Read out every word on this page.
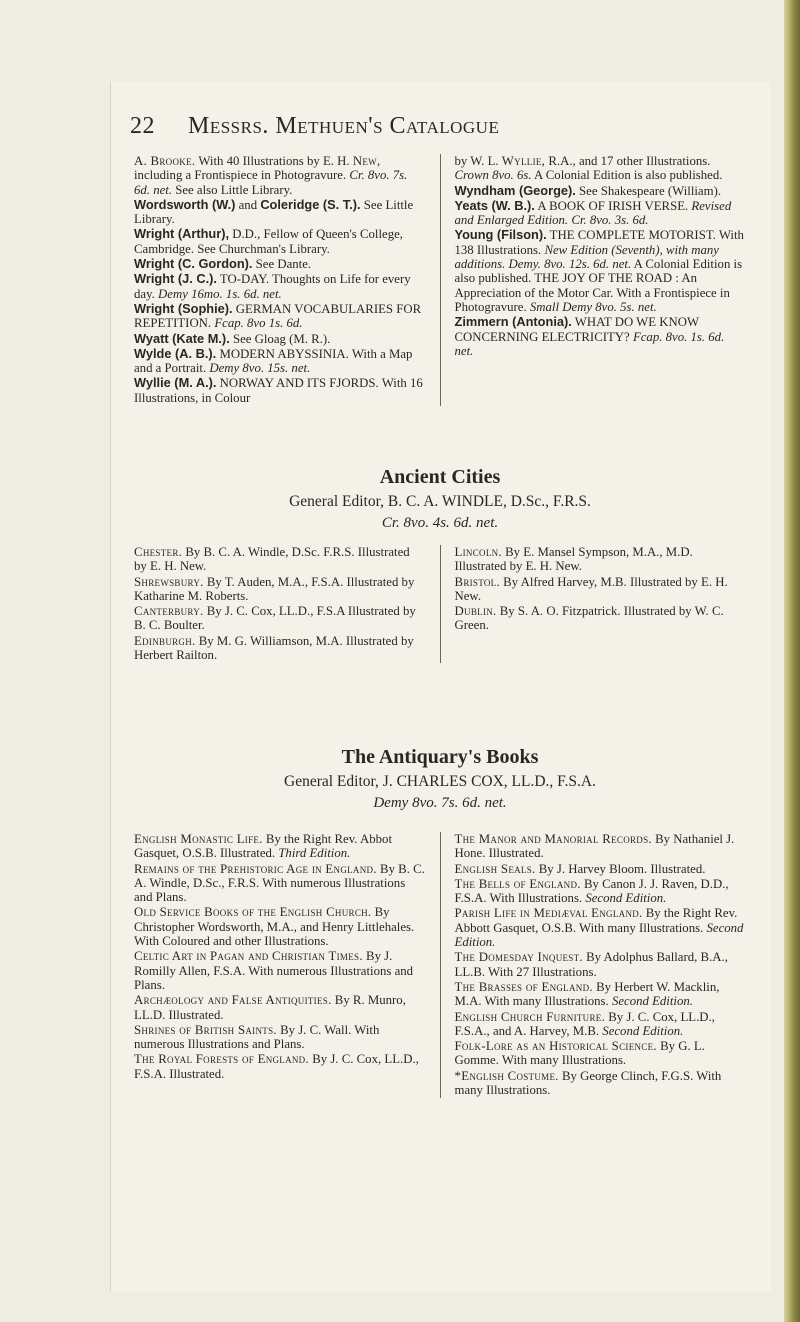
22 Messrs. Methuen's Catalogue
A. Brooke. With 40 Illustrations by E. H. New, including a Frontispiece in Photogravure. Cr. 8vo. 7s. 6d. net. See also Little Library.
Wordsworth (W.) and Coleridge (S. T.). See Little Library.
Wright (Arthur), D.D., Fellow of Queen's College, Cambridge. See Churchman's Library.
Wright (C. Gordon). See Dante.
Wright (J. C.). TO-DAY. Thoughts on Life for every day. Demy 16mo. 1s. 6d. net.
Wright (Sophie). GERMAN VOCABULARIES FOR REPETITION. Fcap. 8vo 1s. 6d.
Wyatt (Kate M.). See Gloag (M. R.).
Wylde (A. B.). MODERN ABYSSINIA. With a Map and a Portrait. Demy 8vo. 15s. net.
Wyllie (M. A.). NORWAY AND ITS FJORDS. With 16 Illustrations, in Colour
by W. L. Wyllie, R.A., and 17 other Illustrations. Crown 8vo. 6s. A Colonial Edition is also published.
Wyndham (George). See Shakespeare (William).
Yeats (W. B.). A BOOK OF IRISH VERSE. Revised and Enlarged Edition. Cr. 8vo. 3s. 6d.
Young (Filson). THE COMPLETE MOTORIST. With 138 Illustrations. New Edition (Seventh), with many additions. Demy. 8vo. 12s. 6d. net. A Colonial Edition is also published. THE JOY OF THE ROAD : An Appreciation of the Motor Car. With a Frontispiece in Photogravure. Small Demy 8vo. 5s. net.
Zimmern (Antonia). WHAT DO WE KNOW CONCERNING ELECTRICITY? Fcap. 8vo. 1s. 6d. net.
Ancient Cities
General Editor, B. C. A. WINDLE, D.Sc., F.R.S.
Cr. 8vo. 4s. 6d. net.
Chester. By B. C. A. Windle, D.Sc. F.R.S. Illustrated by E. H. New.
Shrewsbury. By T. Auden, M.A., F.S.A. Illustrated by Katharine M. Roberts.
Canterbury. By J. C. Cox, LL.D., F.S.A Illustrated by B. C. Boulter.
Edinburgh. By M. G. Williamson, M.A. Illustrated by Herbert Railton.
Lincoln. By E. Mansel Sympson, M.A., M.D. Illustrated by E. H. New.
Bristol. By Alfred Harvey, M.B. Illustrated by E. H. New.
Dublin. By S. A. O. Fitzpatrick. Illustrated by W. C. Green.
The Antiquary's Books
General Editor, J. CHARLES COX, LL.D., F.S.A.
Demy 8vo. 7s. 6d. net.
English Monastic Life. By the Right Rev. Abbot Gasquet, O.S.B. Illustrated. Third Edition.
Remains of the Prehistoric Age in England. By B. C. A. Windle, D.Sc., F.R.S. With numerous Illustrations and Plans.
Old Service Books of the English Church. By Christopher Wordsworth, M.A., and Henry Littlehales. With Coloured and other Illustrations.
Celtic Art in Pagan and Christian Times. By J. Romilly Allen, F.S.A. With numerous Illustrations and Plans.
Archæology and False Antiquities. By R. Munro, LL.D. Illustrated.
Shrines of British Saints. By J. C. Wall. With numerous Illustrations and Plans.
The Royal Forests of England. By J. C. Cox, LL.D., F.S.A. Illustrated.
The Manor and Manorial Records. By Nathaniel J. Hone. Illustrated.
English Seals. By J. Harvey Bloom. Illustrated.
The Bells of England. By Canon J. J. Raven, D.D., F.S.A. With Illustrations. Second Edition.
Parish Life in Mediæval England. By the Right Rev. Abbott Gasquet, O.S.B. With many Illustrations. Second Edition.
The Domesday Inquest. By Adolphus Ballard, B.A., LL.B. With 27 Illustrations.
The Brasses of England. By Herbert W. Macklin, M.A. With many Illustrations. Second Edition.
English Church Furniture. By J. C. Cox, LL.D., F.S.A., and A. Harvey, M.B. Second Edition.
Folk-Lore as an Historical Science. By G. L. Gomme. With many Illustrations.
*English Costume. By George Clinch, F.G.S. With many Illustrations.
